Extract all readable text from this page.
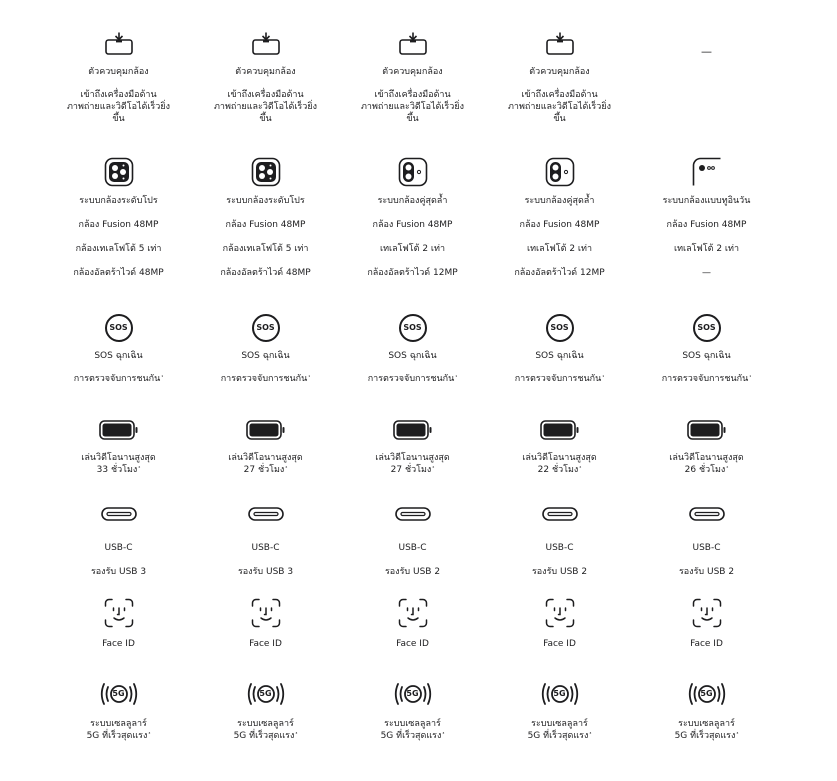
ตัวควบคุมกล้อง

เข้าถึงเครื่องมือด้านภาพถ่ายและวิดีโอได้เร็วยิ่งขึ้น

ระบบกล้องระดับโปร

กล้อง Fusion 48MP

กล้องเทเลโฟโต้ 5 เท่า

กล้องอัลตร้าไวด์ 48MP

SOS

SOS ฉุกเฉิน

การตรวจจับการชนกัน$^{^1}$

เล่นวิดีโอนานสูงสุด 33 ชั่วโมง$^{^2}$

USB‑C

รองรับ USB 3

Face ID

5G

ระบบเซลลูลาร์ 5G ที่เร็วสุดแรง$^{^3}$

ตัวควบคุมกล้อง

เข้าถึงเครื่องมือด้านภาพถ่ายและวิดีโอได้เร็วยิ่งขึ้น

ระบบกล้องระดับโปร

กล้อง Fusion 48MP

กล้องเทเลโฟโต้ 5 เท่า

กล้องอัลตร้าไวด์ 48MP

SOS

SOS ฉุกเฉิน

การตรวจจับการชนกัน$^{^1}$

เล่นวิดีโอนานสูงสุด 27 ชั่วโมง$^{^2}$

USB‑C

รองรับ USB 3

Face ID

5G

ระบบเซลลูลาร์ 5G ที่เร็วสุดแรง$^{^3}$

ตัวควบคุมกล้อง

เข้าถึงเครื่องมือด้านภาพถ่ายและวิดีโอได้เร็วยิ่งขึ้น

ระบบกล้องคู่สุดล้ำ

กล้อง Fusion 48MP

เทเลโฟโต้ 2 เท่า

กล้องอัลตร้าไวด์ 12MP

SOS

SOS ฉุกเฉิน

การตรวจจับการชนกัน$^{^1}$

เล่นวิดีโอนานสูงสุด 27 ชั่วโมง$^{^2}$

USB‑C

รองรับ USB 2

Face ID

5G

ระบบเซลลูลาร์ 5G ที่เร็วสุดแรง$^{^3}$

ตัวควบคุมกล้อง

เข้าถึงเครื่องมือด้านภาพถ่ายและวิดีโอได้เร็วยิ่งขึ้น

ระบบกล้องคู่สุดล้ำ

กล้อง Fusion 48MP

เทเลโฟโต้ 2 เท่า

กล้องอัลตร้าไวด์ 12MP

SOS

SOS ฉุกเฉิน

การตรวจจับการชนกัน$^{^1}$

เล่นวิดีโอนานสูงสุด 22 ชั่วโมง$^{^2}$

USB‑C

รองรับ USB 2

Face ID

5G

ระบบเซลลูลาร์ 5G ที่เร็วสุดแรง$^{^3}$

—

ระบบกล้องแบบทูอินวัน

กล้อง Fusion 48MP

เทเลโฟโต้ 2 เท่า

—

SOS

SOS ฉุกเฉิน

การตรวจจับการชนกัน$^{^1}$

เล่นวิดีโอนานสูงสุด 26 ชั่วโมง$^{^2}$

USB‑C

รองรับ USB 2

Face ID

5G

ระบบเซลลูลาร์ 5G ที่เร็วสุดแรง$^{^3}$
